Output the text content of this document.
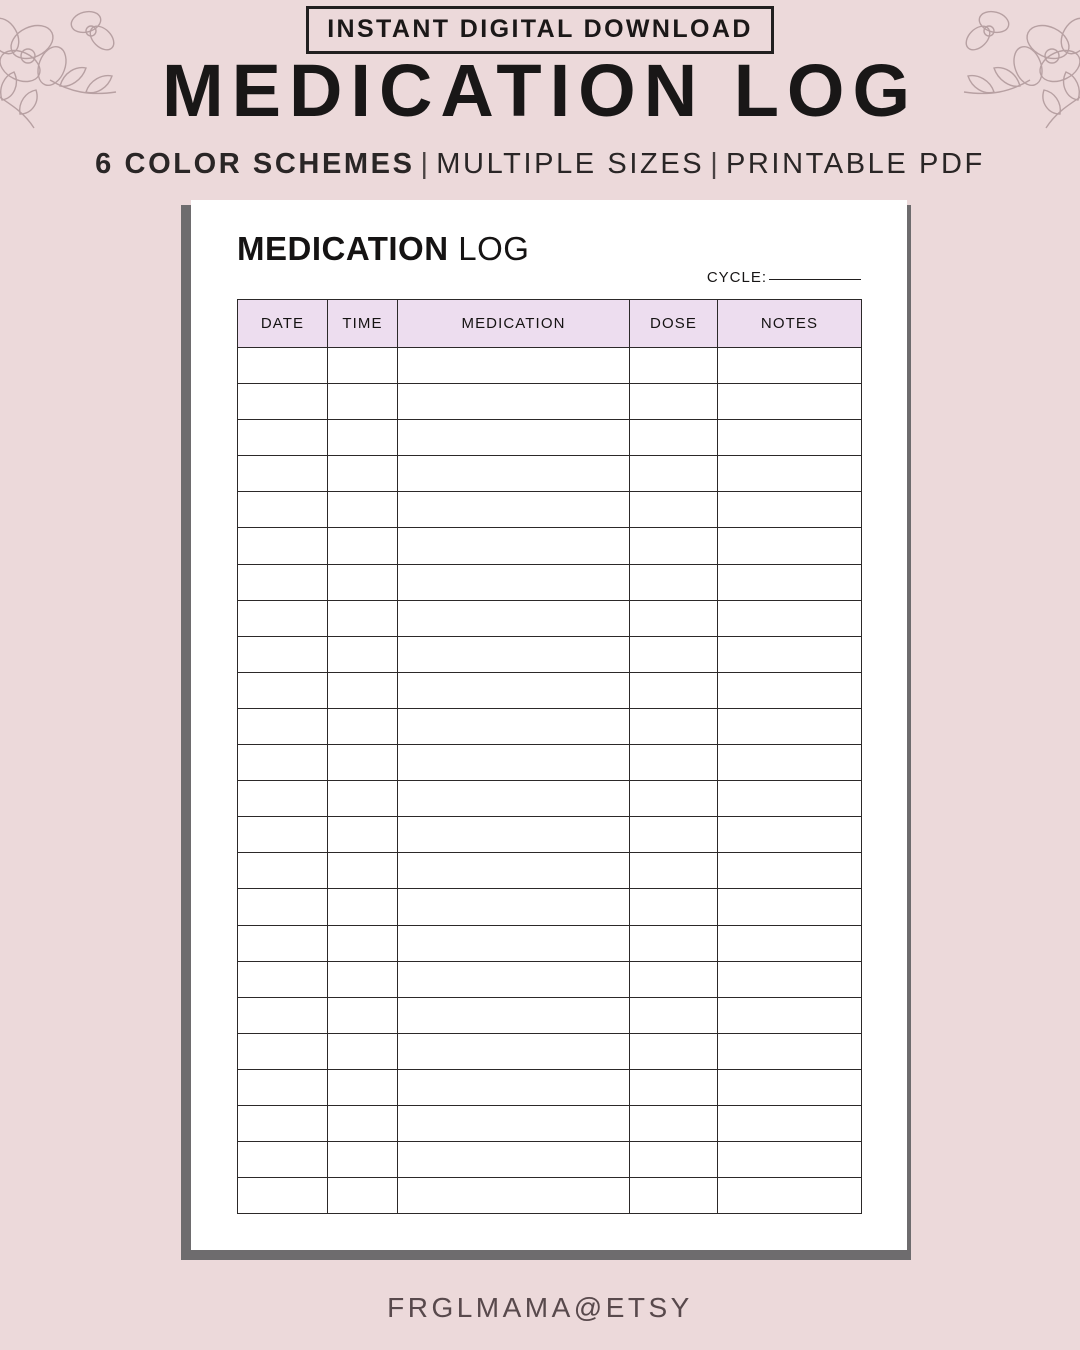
INSTANT DIGITAL DOWNLOAD
MEDICATION LOG
6 COLOR SCHEMES | MULTIPLE SIZES | PRINTABLE PDF
MEDICATION LOG
CYCLE:
DATE	TIME	MEDICATION	DOSE	NOTES

FRGLMAMA@ETSY
